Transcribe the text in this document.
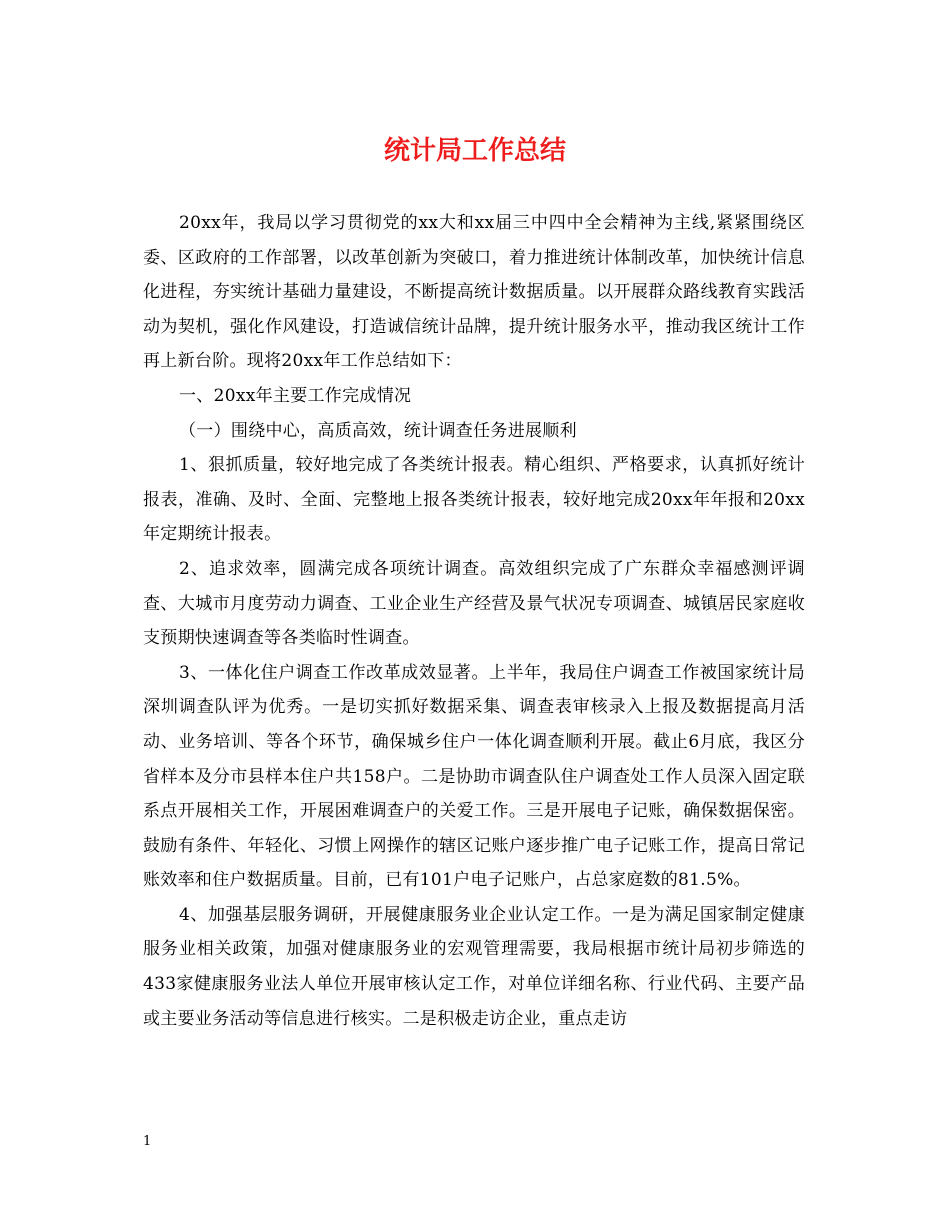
统计局工作总结

20xx年，我局以学习贯彻党的xx大和xx届三中四中全会精神为主线,紧紧围绕区委、区政府的工作部署，以改革创新为突破口，着力推进统计体制改革，加快统计信息化进程，夯实统计基础力量建设，不断提高统计数据质量。以开展群众路线教育实践活动为契机，强化作风建设，打造诚信统计品牌，提升统计服务水平，推动我区统计工作再上新台阶。现将20xx年工作总结如下：

一、20xx年主要工作完成情况

（一）围绕中心，高质高效，统计调查任务进展顺利

1、狠抓质量，较好地完成了各类统计报表。精心组织、严格要求，认真抓好统计报表，准确、及时、全面、完整地上报各类统计报表，较好地完成20xx年年报和20xx年定期统计报表。

2、追求效率，圆满完成各项统计调查。高效组织完成了广东群众幸福感测评调查、大城市月度劳动力调查、工业企业生产经营及景气状况专项调查、城镇居民家庭收支预期快速调查等各类临时性调查。

3、一体化住户调查工作改革成效显著。上半年，我局住户调查工作被国家统计局深圳调查队评为优秀。一是切实抓好数据采集、调查表审核录入上报及数据提高月活动、业务培训、等各个环节，确保城乡住户一体化调查顺利开展。截止6月底，我区分省样本及分市县样本住户共158户。二是协助市调查队住户调查处工作人员深入固定联系点开展相关工作，开展困难调查户的关爱工作。三是开展电子记账，确保数据保密。鼓励有条件、年轻化、习惯上网操作的辖区记账户逐步推广电子记账工作，提高日常记账效率和住户数据质量。目前，已有101户电子记账户，占总家庭数的81.5%。

4、加强基层服务调研，开展健康服务业企业认定工作。一是为满足国家制定健康服务业相关政策，加强对健康服务业的宏观管理需要，我局根据市统计局初步筛选的433家健康服务业法人单位开展审核认定工作，对单位详细名称、行业代码、主要产品或主要业务活动等信息进行核实。二是积极走访企业，重点走访

1
